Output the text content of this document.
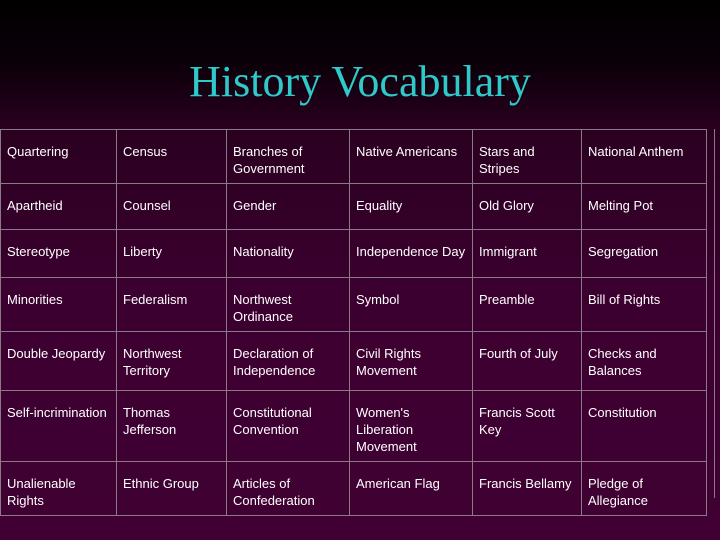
History Vocabulary
Quartering	Census	Branches of Government	Native Americans	Stars and Stripes	National Anthem
Apartheid	Counsel	Gender	Equality	Old Glory	Melting Pot
Stereotype	Liberty	Nationality	Independence Day	Immigrant	Segregation
Minorities	Federalism	Northwest Ordinance	Symbol	Preamble	Bill of Rights
Double Jeopardy	Northwest Territory	Declaration of Independence	Civil Rights Movement	Fourth of July	Checks and Balances
Self-incrimination	Thomas Jefferson	Constitutional Convention	Women's Liberation Movement	Francis Scott Key	Constitution
Unalienable Rights	Ethnic Group	Articles of Confederation	American Flag	Francis Bellamy	Pledge of Allegiance
